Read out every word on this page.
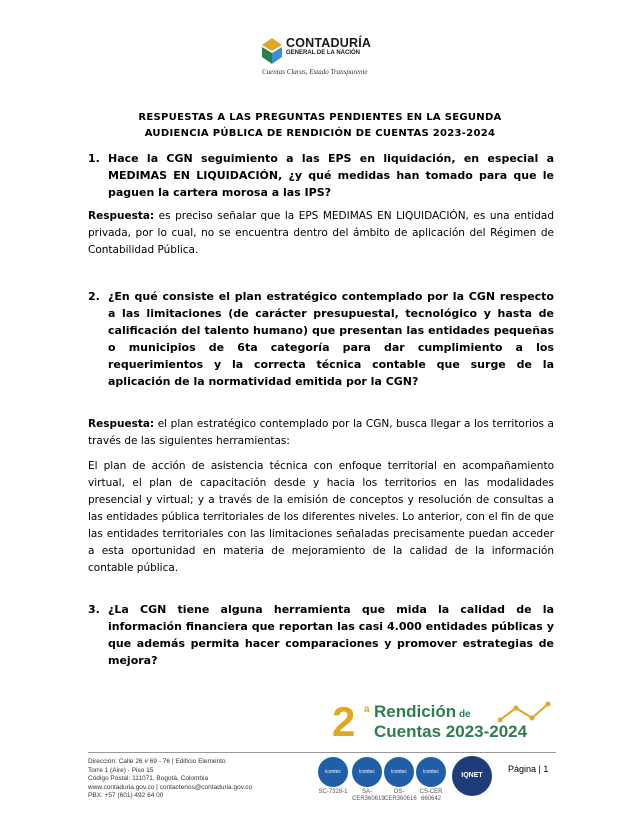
CONTADURÍA
GENERAL DE LA NACIÓN
Cuentas Claras, Estado Transparente
RESPUESTAS A LAS PREGUNTAS PENDIENTES EN LA SEGUNDA
AUDIENCIA PÚBLICA DE RENDICIÓN DE CUENTAS 2023-2024
1. Hace la CGN seguimiento a las EPS en liquidación, en especial a MEDIMAS EN LIQUIDACIÓN, ¿y qué medidas han tomado para que le paguen la cartera morosa a las IPS?
Respuesta: es preciso señalar que la EPS MEDIMAS EN LIQUIDACIÓN, es una entidad privada, por lo cual, no se encuentra dentro del ámbito de aplicación del Régimen de Contabilidad Pública.
2. ¿En qué consiste el plan estratégico contemplado por la CGN respecto a las limitaciones (de carácter presupuestal, tecnológico y hasta de calificación del talento humano) que presentan las entidades pequeñas o municipios de 6ta categoría para dar cumplimiento a los requerimientos y la correcta técnica contable que surge de la aplicación de la normatividad emitida por la CGN?
Respuesta: el plan estratégico contemplado por la CGN, busca llegar a los territorios a través de las siguientes herramientas:
El plan de acción de asistencia técnica con enfoque territorial en acompañamiento virtual, el plan de capacitación desde y hacia los territorios en las modalidades presencial y virtual; y a través de la emisión de conceptos y resolución de consultas a las entidades pública territoriales de los diferentes niveles. Lo anterior, con el fin de que las entidades territoriales con las limitaciones señaladas precisamente puedan acceder a esta oportunidad en materia de mejoramiento de la calidad de la información contable pública.
3. ¿La CGN tiene alguna herramienta que mida la calidad de la información financiera que reportan las casi 4.000 entidades públicas y que además permita hacer comparaciones y promover estrategias de mejora?
2 a Rendición de
Cuentas 2023-2024
Dirección: Calle 26 # 69 - 76 | Edificio Elemento
Torre 1 (Aire) - Piso 15
Código Postal: 111071, Bogotá, Colombia
www.contaduria.gov.co | contactenos@contaduria.gov.co
PBX: +57 (601) 492 64 00
icontec
SC-7328-1
icontec
SA-CER360619
icontec
OS-CER360616
icontec
CS-CER 660642
IQNET
Página | 1
